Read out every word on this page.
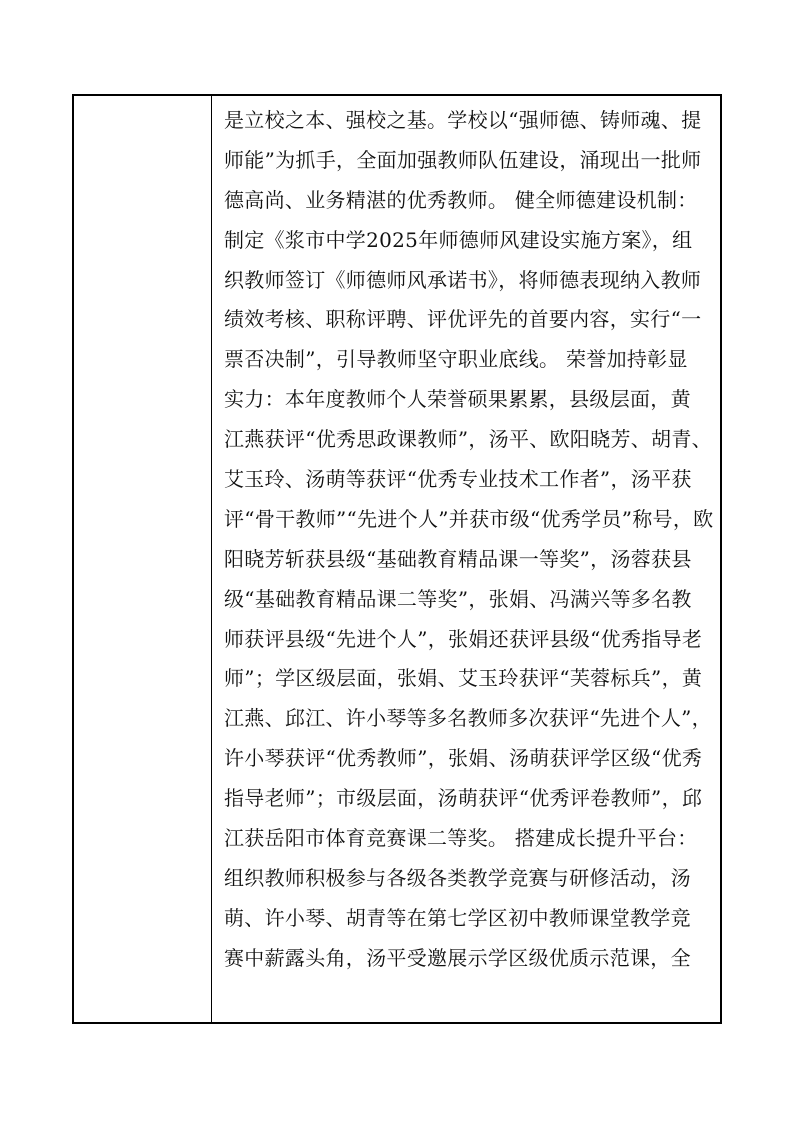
是立校之本、强校之基。学校以“强师德、铸师魂、提
师能”为抓手，全面加强教师队伍建设，涌现出一批师
德高尚、业务精湛的优秀教师。 健全师德建设机制：
制定《浆市中学2025年师德师风建设实施方案》，组
织教师签订《师德师风承诺书》，将师德表现纳入教师
绩效考核、职称评聘、评优评先的首要内容，实行“一
票否决制”，引导教师坚守职业底线。 荣誉加持彰显
实力：本年度教师个人荣誉硕果累累，县级层面，黄
江燕获评“优秀思政课教师”，汤平、欧阳晓芳、胡青、
艾玉玲、汤萌等获评“优秀专业技术工作者”，汤平获
评“骨干教师”“先进个人”并获市级“优秀学员”称号，欧
阳晓芳斩获县级“基础教育精品课一等奖”，汤蓉获县
级“基础教育精品课二等奖”，张娟、冯满兴等多名教
师获评县级“先进个人”，张娟还获评县级“优秀指导老
师”；学区级层面，张娟、艾玉玲获评“芙蓉标兵”，黄
江燕、邱江、许小琴等多名教师多次获评“先进个人”，
许小琴获评“优秀教师”，张娟、汤萌获评学区级“优秀
指导老师”；市级层面，汤萌获评“优秀评卷教师”，邱
江获岳阳市体育竞赛课二等奖。 搭建成长提升平台：
组织教师积极参与各级各类教学竞赛与研修活动，汤
萌、许小琴、胡青等在第七学区初中教师课堂教学竞
赛中薪露头角，汤平受邀展示学区级优质示范课，全
